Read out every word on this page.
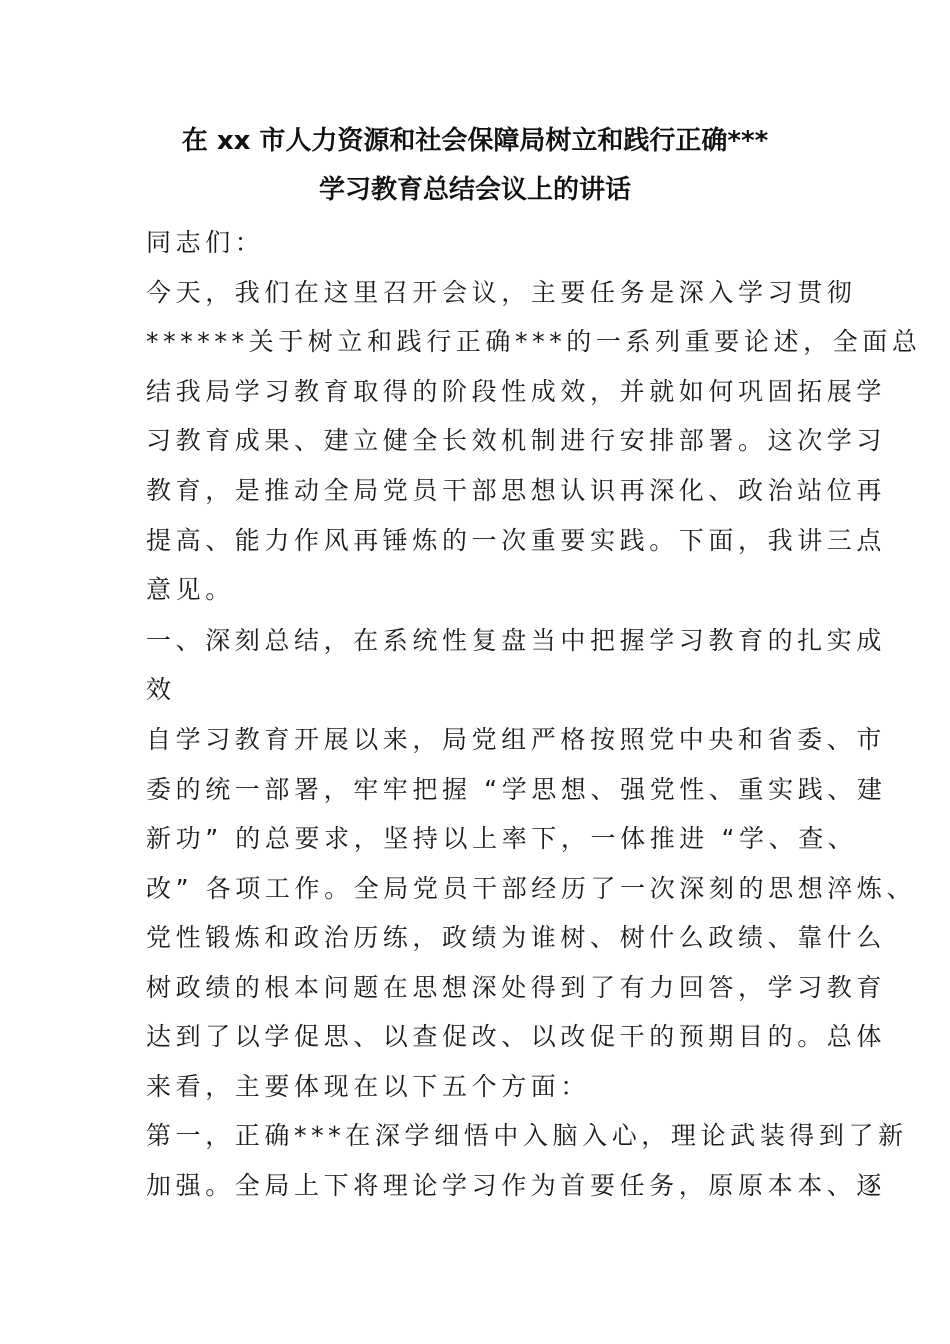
在 xx 市人力资源和社会保障局树立和践行正确***
学习教育总结会议上的讲话
同志们：
今天，我们在这里召开会议，主要任务是深入学习贯彻
******关于树立和践行正确***的一系列重要论述，全面总
结我局学习教育取得的阶段性成效，并就如何巩固拓展学
习教育成果、建立健全长效机制进行安排部署。这次学习
教育，是推动全局党员干部思想认识再深化、政治站位再
提高、能力作风再锤炼的一次重要实践。下面，我讲三点
意见。
一、深刻总结，在系统性复盘当中把握学习教育的扎实成
效
自学习教育开展以来，局党组严格按照党中央和省委、市
委的统一部署，牢牢把握 “学思想、强党性、重实践、建
新功” 的总要求，坚持以上率下，一体推进 “学、查、
改” 各项工作。全局党员干部经历了一次深刻的思想淬炼、
党性锻炼和政治历练，政绩为谁树、树什么政绩、靠什么
树政绩的根本问题在思想深处得到了有力回答，学习教育
达到了以学促思、以查促改、以改促干的预期目的。总体
来看，主要体现在以下五个方面：
第一，正确***在深学细悟中入脑入心，理论武装得到了新
加强。全局上下将理论学习作为首要任务，原原本本、逐
